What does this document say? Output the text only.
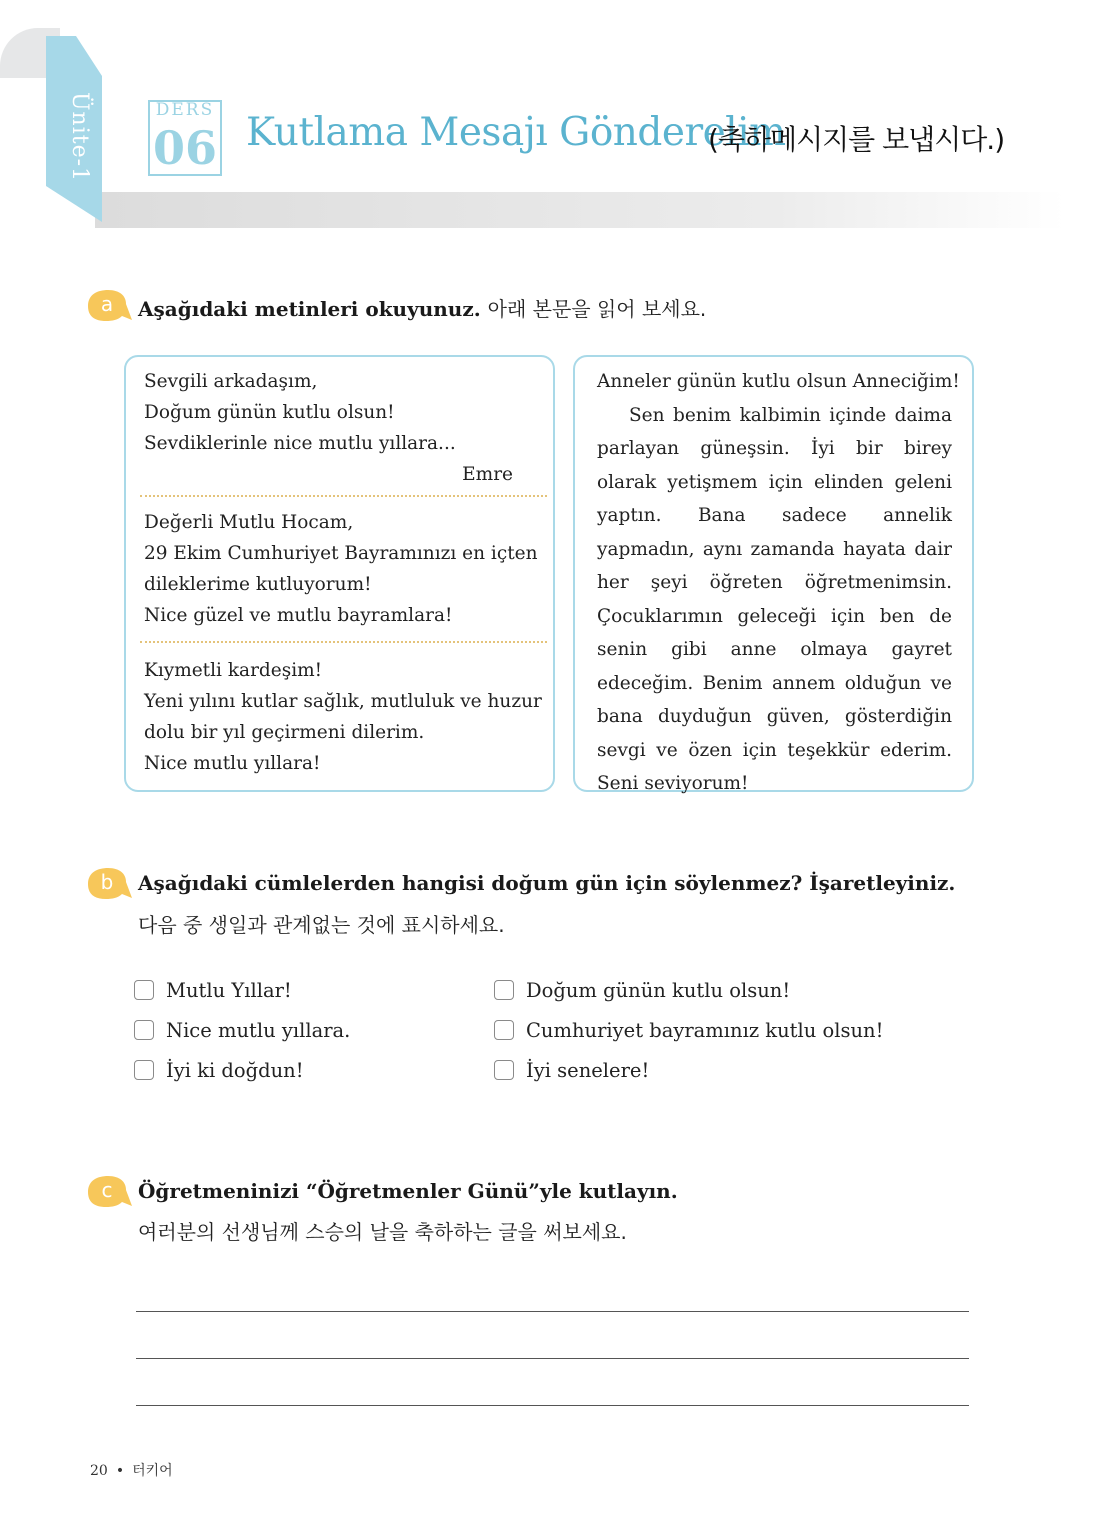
Ünite-1	DERS
06 Kutlama Mesajı Gönderelim
(축하메시지를 보냅시다.)
a	Aşağıdaki metinleri okuyunuz. 아래 본문을 읽어 보세요.

Sevgili arkadaşım,

Doğum günün kutlu olsun!

Sevdiklerinle nice mutlu yıllara...

Emre

Değerli Mutlu Hocam,

29 Ekim Cumhuriyet Bayramınızı en içten

dileklerime kutluyorum!

Nice güzel ve mutlu bayramlara!

Kıymetli kardeşim!

Yeni yılını kutlar sağlık, mutluluk ve huzur

dolu bir yıl geçirmeni dilerim.

Nice mutlu yıllara!

Anneler günün kutlu olsun Anneciğim!

Sen benim kalbimin içinde daima parlayan güneşsin. İyi bir birey olarak yetişmem için elinden geleni yaptın. Bana sadece annelik yapmadın, aynı zamanda hayata dair her şeyi öğreten öğretmenimsin. Çocuklarımın geleceği için ben de senin gibi anne olmaya gayret edeceğim. Benim annem olduğun ve bana duyduğun güven, gösterdiğin sevgi ve özen için teşekkür ederim. Seni seviyorum!

b	Aşağıdaki cümlelerden hangisi doğum gün için söylenmez? İşaretleyiniz.
다음 중 생일과 관계없는 것에 표시하세요.
Mutlu Yıllar!
Nice mutlu yıllara.
İyi ki doğdun!
Doğum günün kutlu olsun!
Cumhuriyet bayramınız kutlu olsun!
İyi senelere!
c	Öğretmeninizi “Öğretmenler Günü”yle kutlayın.
여러분의 선생님께 스승의 날을 축하하는 글을 써보세요.
20 • 터키어
